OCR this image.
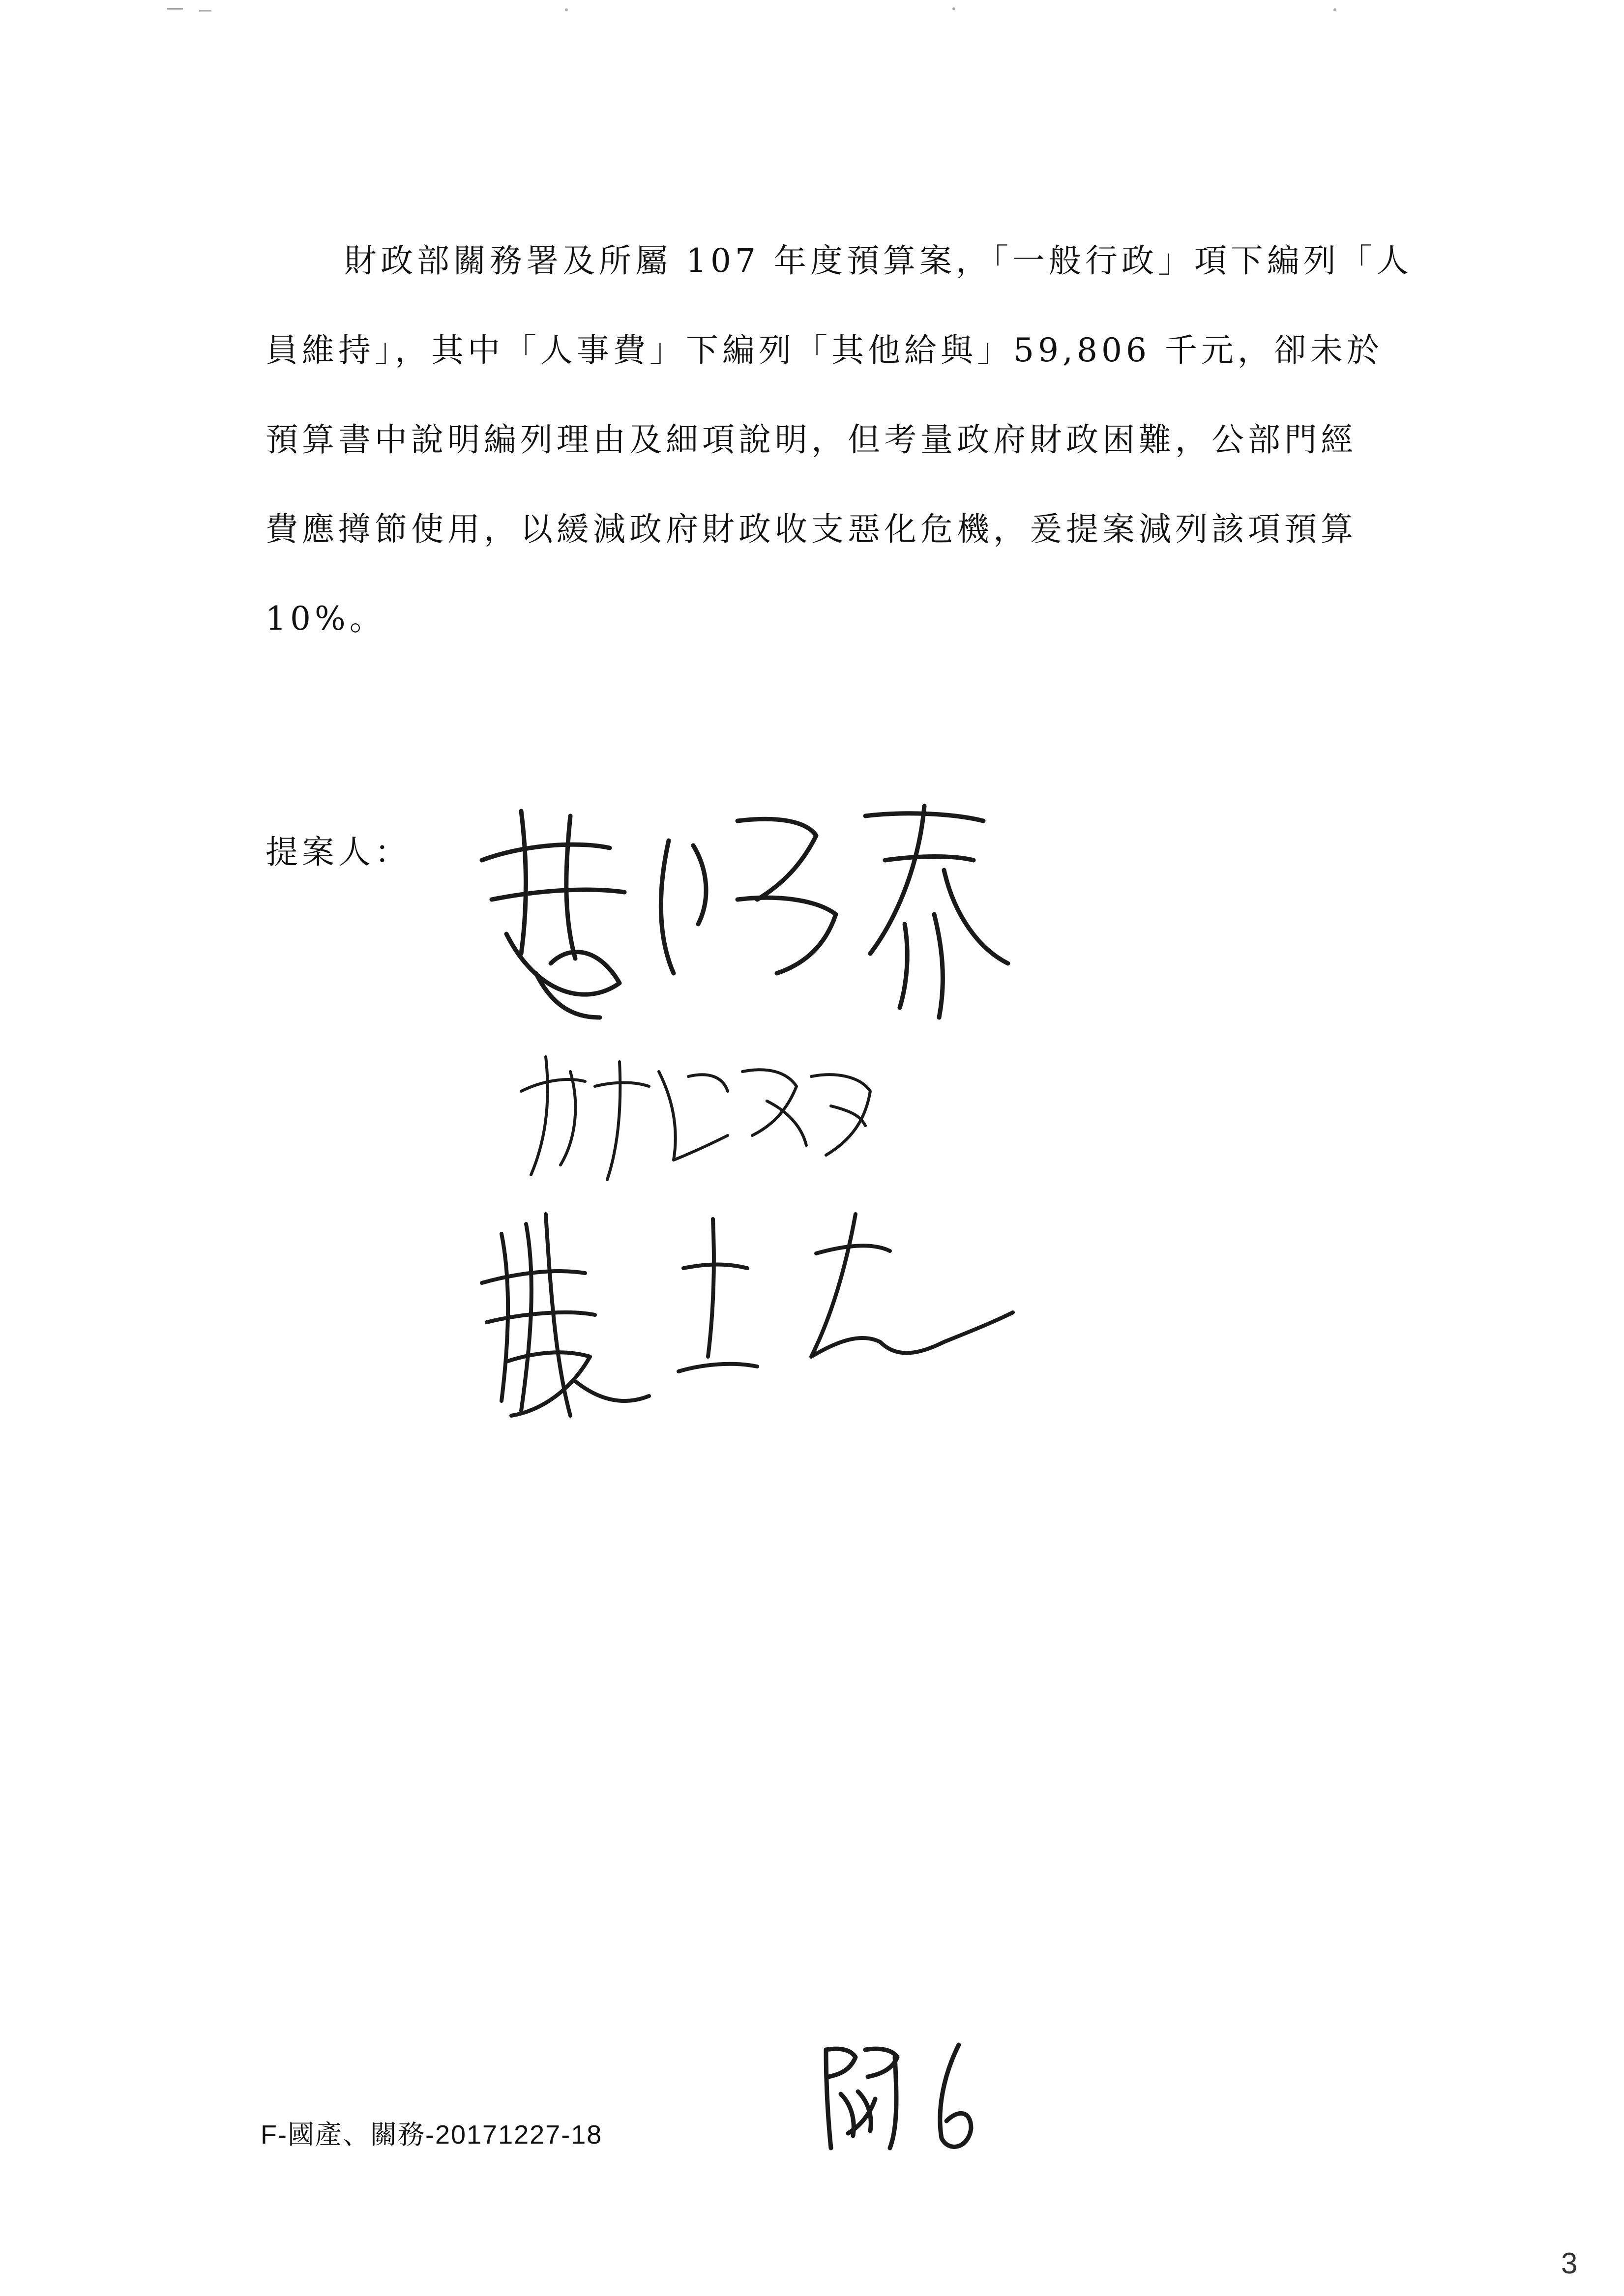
財政部關務署及所屬 107 年度預算案，「一般行政」項下編列「人
員維持」，其中「人事費」下編列「其他給與」59,806 千元，卻未於
預算書中說明編列理由及細項說明，但考量政府財政困難，公部門經
費應撙節使用，以緩減政府財政收支惡化危機，爰提案減列該項預算
10%。
提案人：
F-國產、關務-20171227-18
3
